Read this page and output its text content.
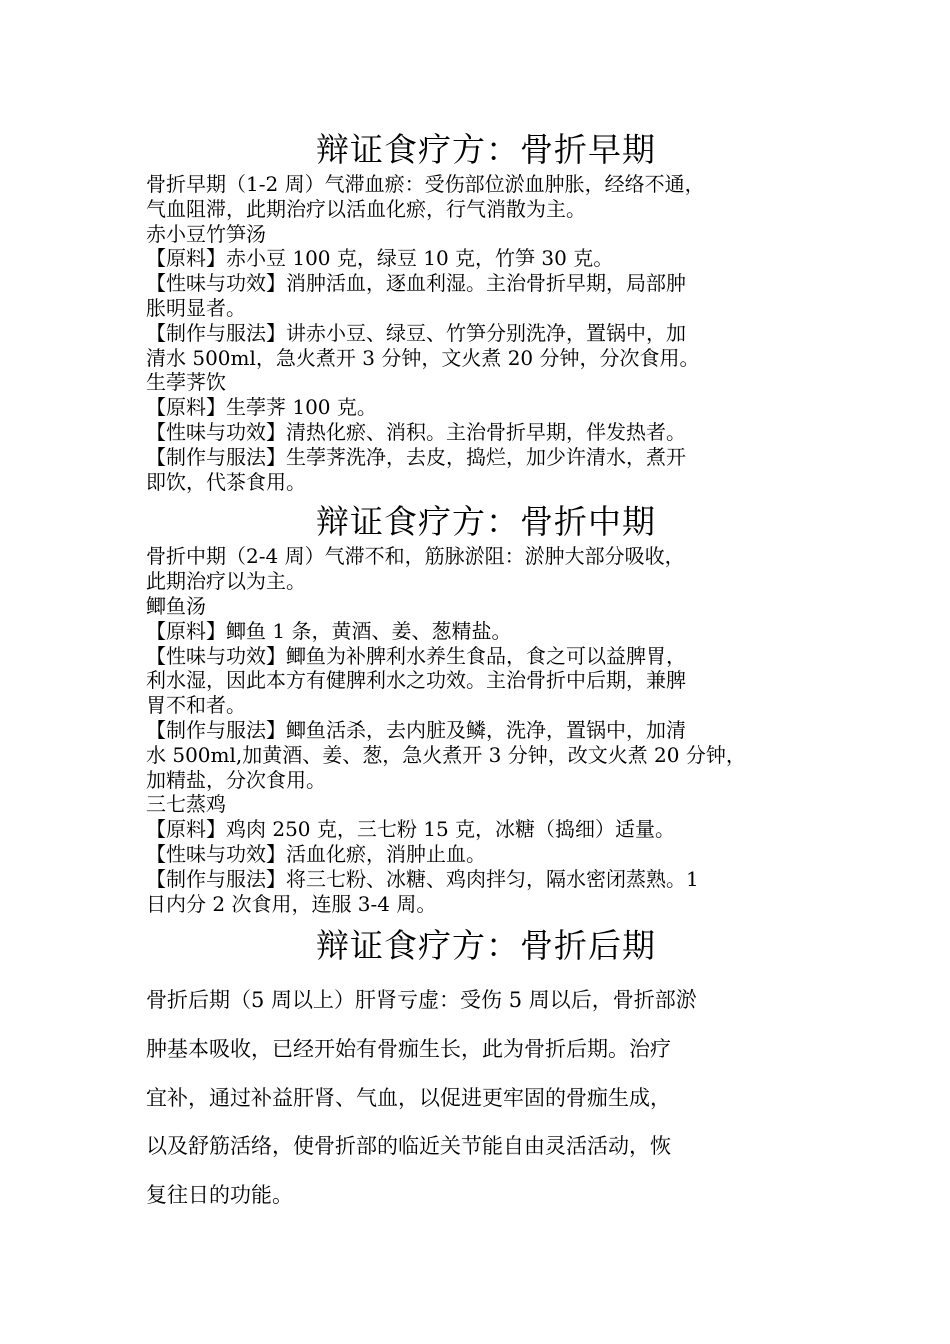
辩证食疗方：骨折早期

骨折早期（1-2 周）气滞血瘀：受伤部位淤血肿胀，经络不通，

气血阻滞，此期治疗以活血化瘀，行气消散为主。

赤小豆竹笋汤

【原料】赤小豆 100 克，绿豆 10 克，竹笋 30 克。

【性味与功效】消肿活血，逐血利湿。主治骨折早期，局部肿

胀明显者。

【制作与服法】讲赤小豆、绿豆、竹笋分别洗净，置锅中，加

清水 500ml，急火煮开 3 分钟，文火煮 20 分钟，分次食用。

生荸荠饮

【原料】生荸荠 100 克。

【性味与功效】清热化瘀、消积。主治骨折早期，伴发热者。

【制作与服法】生荸荠洗净，去皮，捣烂，加少许清水，煮开

即饮，代茶食用。

辩证食疗方：骨折中期

骨折中期（2-4 周）气滞不和，筋脉淤阻：淤肿大部分吸收，

此期治疗以为主。

鲫鱼汤

【原料】鲫鱼 1 条，黄酒、姜、葱精盐。

【性味与功效】鲫鱼为补脾利水养生食品，食之可以益脾胃，

利水湿，因此本方有健脾利水之功效。主治骨折中后期，兼脾

胃不和者。

【制作与服法】鲫鱼活杀，去内脏及鳞，洗净，置锅中，加清

水 500ml,加黄酒、姜、葱，急火煮开 3 分钟，改文火煮 20 分钟，

加精盐，分次食用。

三七蒸鸡

【原料】鸡肉 250 克，三七粉 15 克，冰糖（捣细）适量。

【性味与功效】活血化瘀，消肿止血。

【制作与服法】将三七粉、冰糖、鸡肉拌匀，隔水密闭蒸熟。1

日内分 2 次食用，连服 3-4 周。

辩证食疗方：骨折后期

骨折后期（5 周以上）肝肾亏虚：受伤 5 周以后，骨折部淤

肿基本吸收，已经开始有骨痂生长，此为骨折后期。治疗

宜补，通过补益肝肾、气血，以促进更牢固的骨痂生成，

以及舒筋活络，使骨折部的临近关节能自由灵活活动，恢

复往日的功能。
